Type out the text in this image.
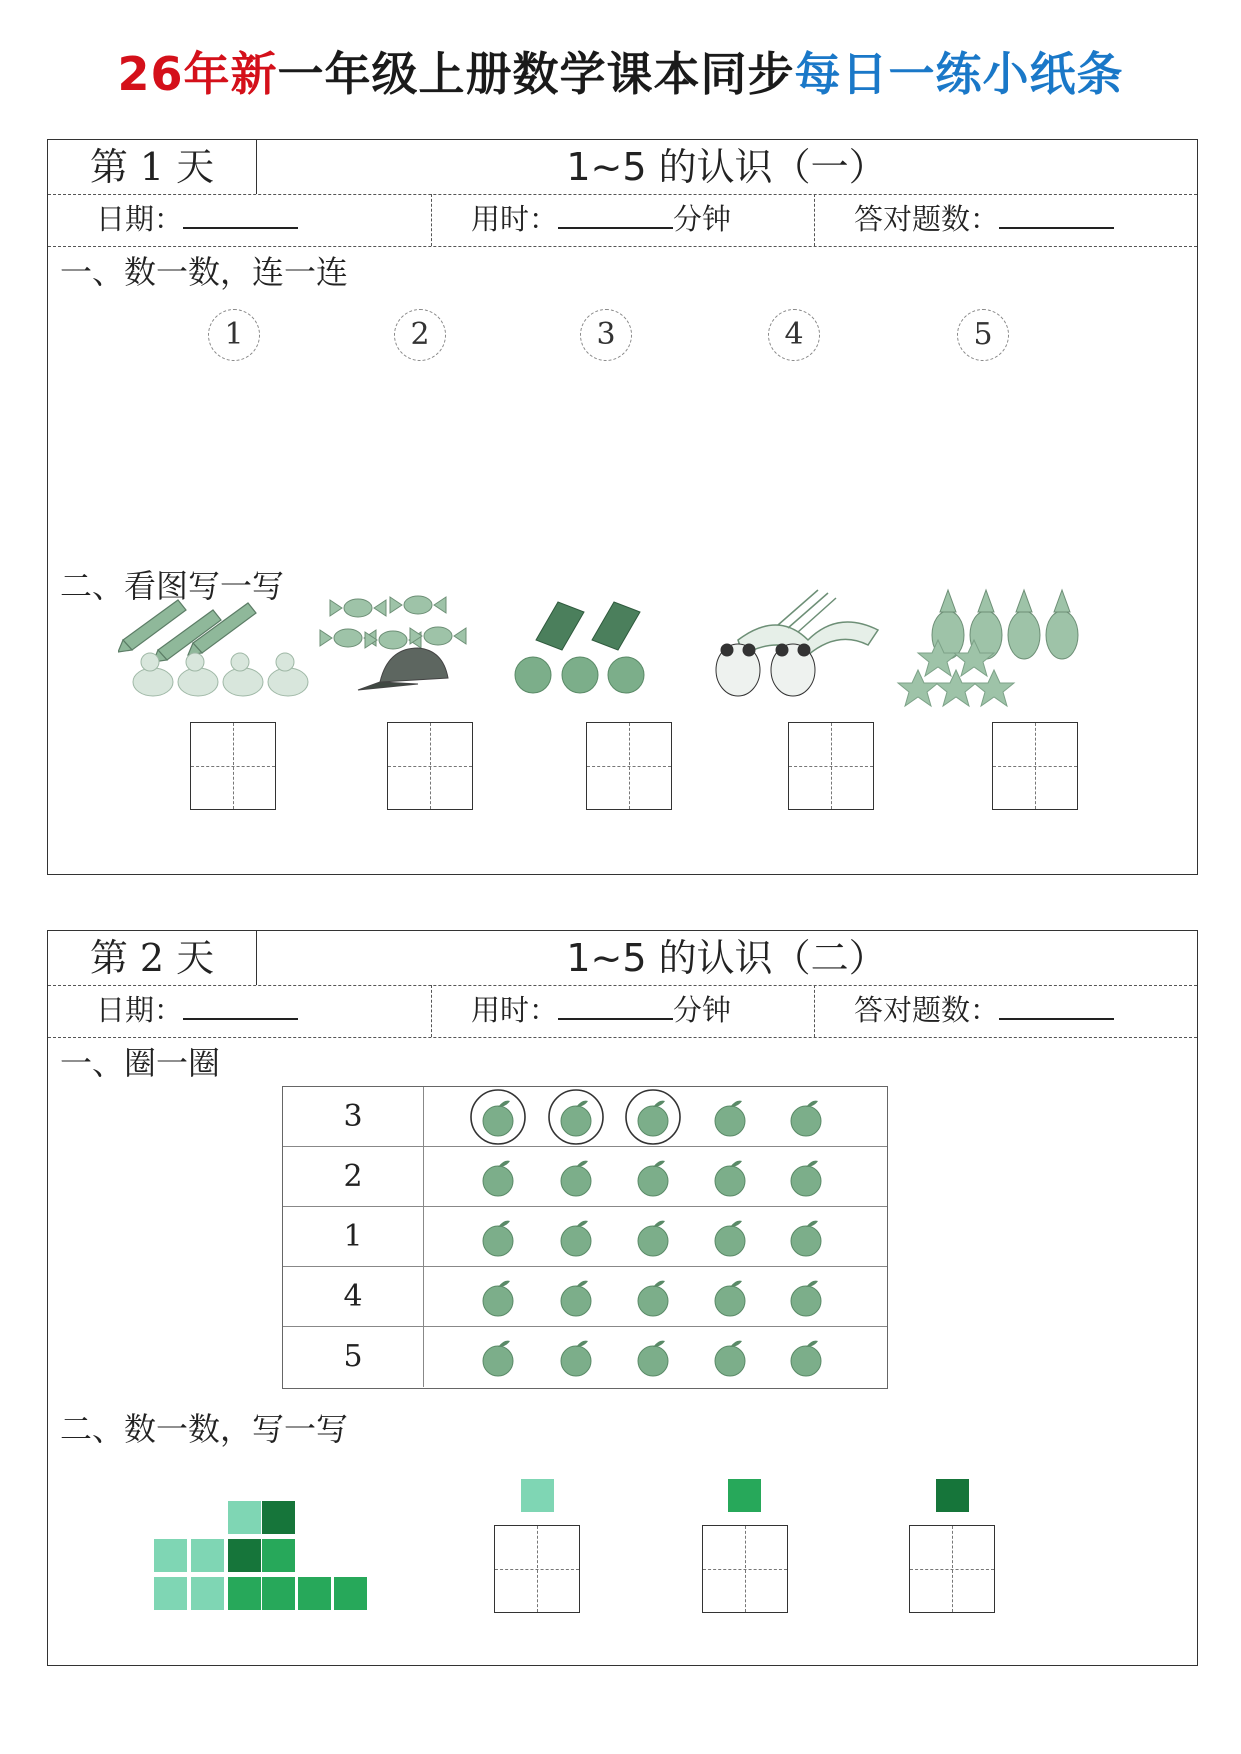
26年新一年级上册数学课本同步每日一练小纸条
第 1 天	1~5 的认识（一）
日期：	用时：	分钟	答对题数：
一、数一数，连一连
1	2	3	4	5
二、看图写一写
第 2 天	1~5 的认识（二）
日期：	用时：	分钟	答对题数：
一、圈一圈
3
2
1
4
5
二、数一数，写一写
